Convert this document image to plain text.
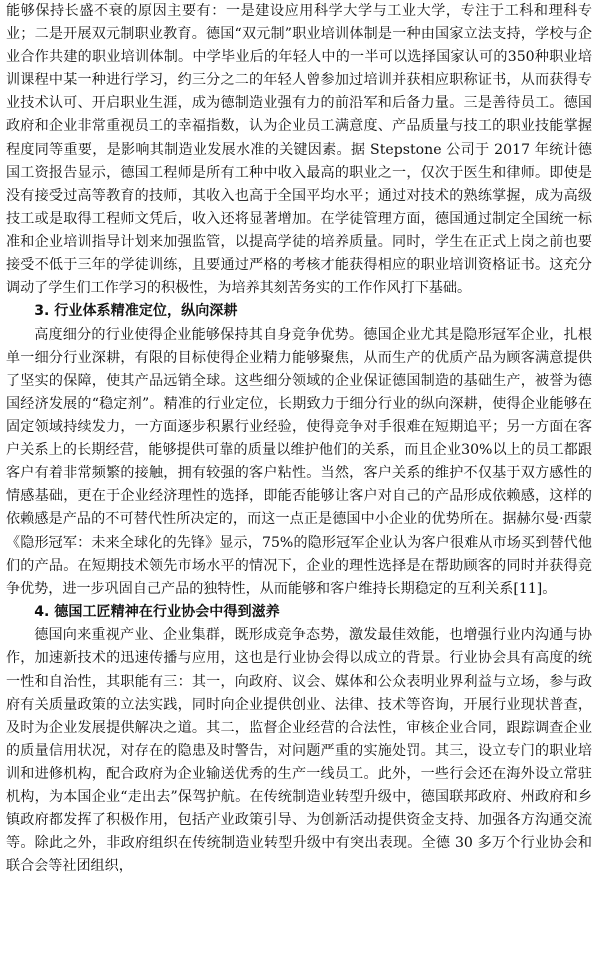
能够保持长盛不衰的原因主要有：一是建设应用科学大学与工业大学，专注于工科和理科专业；二是开展双元制职业教育。德国“双元制”职业培训体制是一种由国家立法支持，学校与企业合作共建的职业培训体制。中学毕业后的年轻人中的一半可以选择国家认可的350种职业培训课程中某一种进行学习，约三分之二的年轻人曾参加过培训并获相应职称证书，从而获得专业技术认可、开启职业生涯，成为德制造业强有力的前沿军和后备力量。三是善待员工。德国政府和企业非常重视员工的幸福指数，认为企业员工满意度、产品质量与技工的职业技能掌握程度同等重要，是影响其制造业发展水准的关键因素。据 Stepstone 公司于 2017 年统计德国工资报告显示，德国工程师是所有工种中收入最高的职业之一，仅次于医生和律师。即使是没有接受过高等教育的技师，其收入也高于全国平均水平；通过对技术的熟练掌握，成为高级技工或是取得工程师文凭后，收入还将显著增加。在学徒管理方面，德国通过制定全国统一标准和企业培训指导计划来加强监管，以提高学徒的培养质量。同时，学生在正式上岗之前也要接受不低于三年的学徒训练，且要通过严格的考核才能获得相应的职业培训资格证书。这充分调动了学生们工作学习的积极性，为培养其刻苦务实的工作作风打下基础。

3. 行业体系精准定位，纵向深耕

高度细分的行业使得企业能够保持其自身竞争优势。德国企业尤其是隐形冠军企业，扎根单一细分行业深耕，有限的目标使得企业精力能够聚焦，从而生产的优质产品为顾客满意提供了坚实的保障，使其产品远销全球。这些细分领域的企业保证德国制造的基础生产，被誉为德国经济发展的“稳定剂”。精准的行业定位，长期致力于细分行业的纵向深耕，使得企业能够在固定领域持续发力，一方面逐步积累行业经验，使得竞争对手很难在短期追平；另一方面在客户关系上的长期经营，能够提供可靠的质量以维护他们的关系，而且企业30%以上的员工都跟客户有着非常频繁的接触，拥有较强的客户粘性。当然，客户关系的维护不仅基于双方感性的情感基础，更在于企业经济理性的选择，即能否能够让客户对自己的产品形成依赖感，这样的依赖感是产品的不可替代性所决定的，而这一点正是德国中小企业的优势所在。据赫尔曼·西蒙《隐形冠军：未来全球化的先锋》显示，75%的隐形冠军企业认为客户很难从市场买到替代他们的产品。在短期技术领先市场水平的情况下，企业的理性选择是在帮助顾客的同时并获得竞争优势，进一步巩固自己产品的独特性，从而能够和客户维持长期稳定的互利关系[11]。

4. 德国工匠精神在行业协会中得到滋养

德国向来重视产业、企业集群，既形成竞争态势，激发最佳效能，也增强行业内沟通与协作，加速新技术的迅速传播与应用，这也是行业协会得以成立的背景。行业协会具有高度的统一性和自治性，其职能有三：其一，向政府、议会、媒体和公众表明业界利益与立场，参与政府有关质量政策的立法实践，同时向企业提供创业、法律、技术等咨询，开展行业现状普查，及时为企业发展提供解决之道。其二，监督企业经营的合法性，审核企业合同，跟踪调查企业的质量信用状况，对存在的隐患及时警告，对问题严重的实施处罚。其三，设立专门的职业培训和进修机构，配合政府为企业输送优秀的生产一线员工。此外，一些行会还在海外设立常驻机构，为本国企业“走出去”保驾护航。在传统制造业转型升级中，德国联邦政府、州政府和乡镇政府都发挥了积极作用，包括产业政策引导、为创新活动提供资金支持、加强各方沟通交流等。除此之外，非政府组织在传统制造业转型升级中有突出表现。全德 30 多万个行业协会和联合会等社团组织，
